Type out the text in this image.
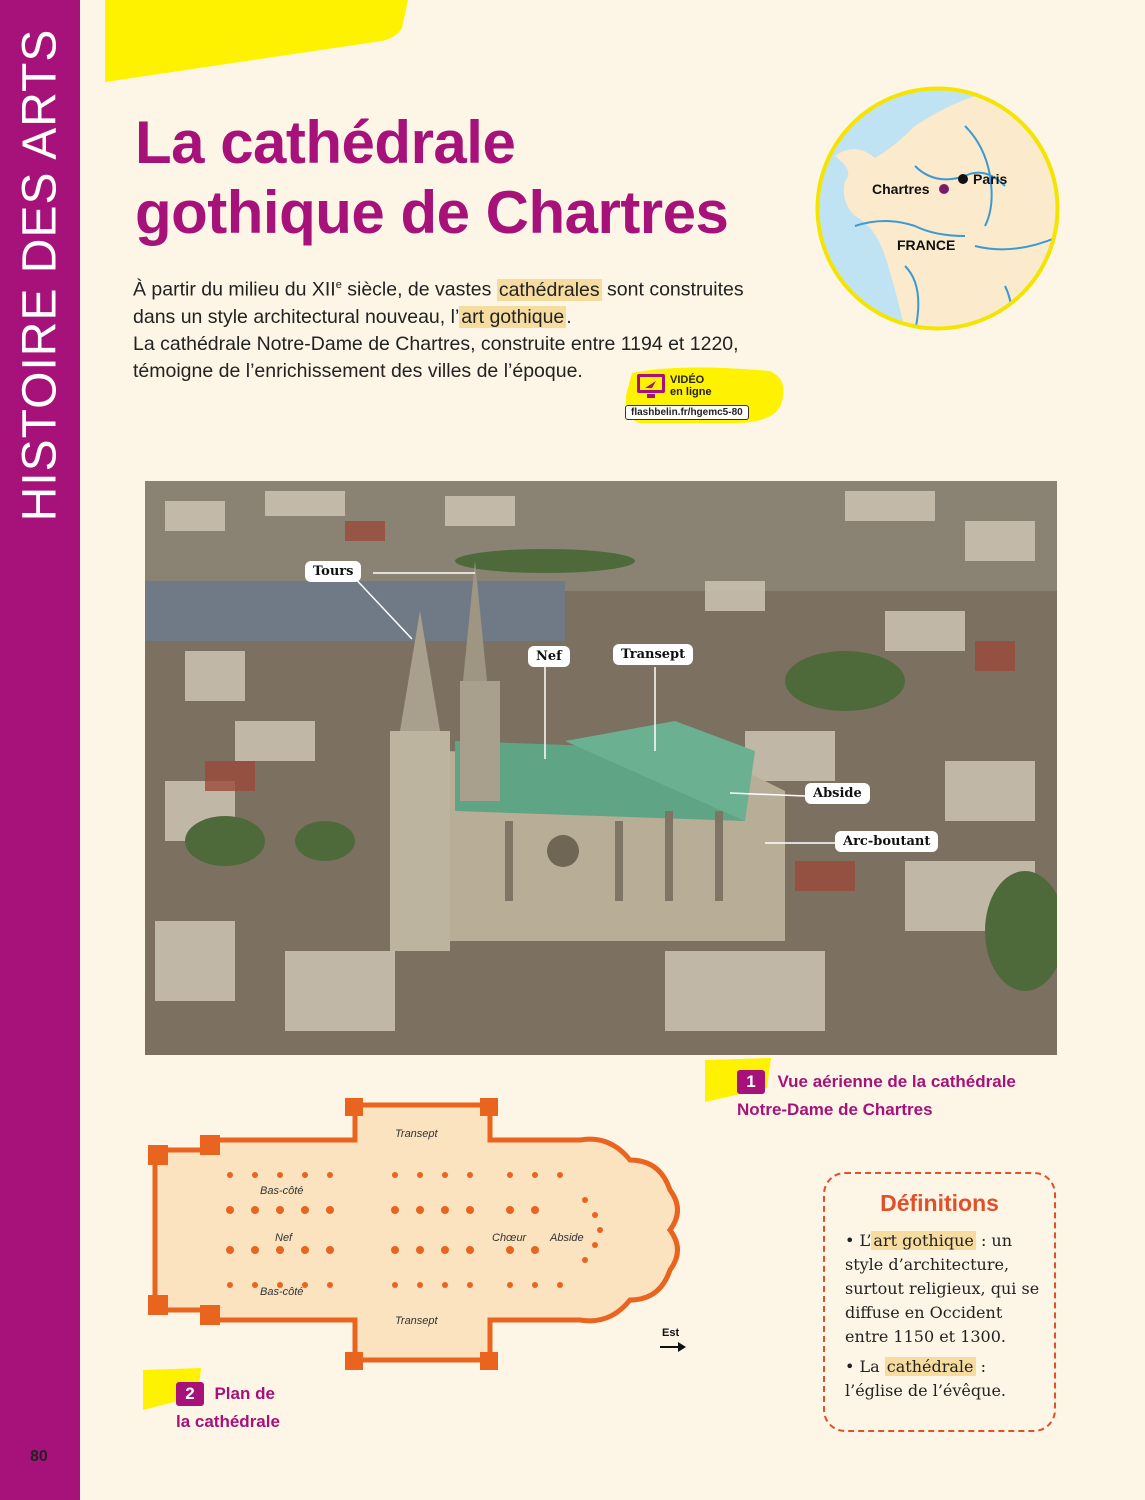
HISTOIRE DES ARTS La cathédrale
gothique de Chartres

À partir du milieu du XIIe siècle, de vastes cathédrales sont construites dans un style architectural nouveau, l’ art gothique .
La cathédrale Notre-Dame de Chartres, construite entre 1194 et 1220, témoigne de l’enrichissement des villes de l’époque.	VIDÉO
en ligne
flashbelin.fr/hgemc5-80
Chartres
Paris
FRANCE
Tours
Nef	Transept
Abside
Arc-boutant
1 Vue aérienne de la cathédrale
Notre-Dame de Chartres
Transept
Bas-côté
Nef	Chœur Abside
Bas-côté
Transept
Est
2 Plan de
la cathédrale
Définitions
• L’ art gothique : un style d’architecture, surtout religieux, qui se diffuse en Occident entre 1150 et 1300.
• La cathédrale : l’église de l’évêque.
80
